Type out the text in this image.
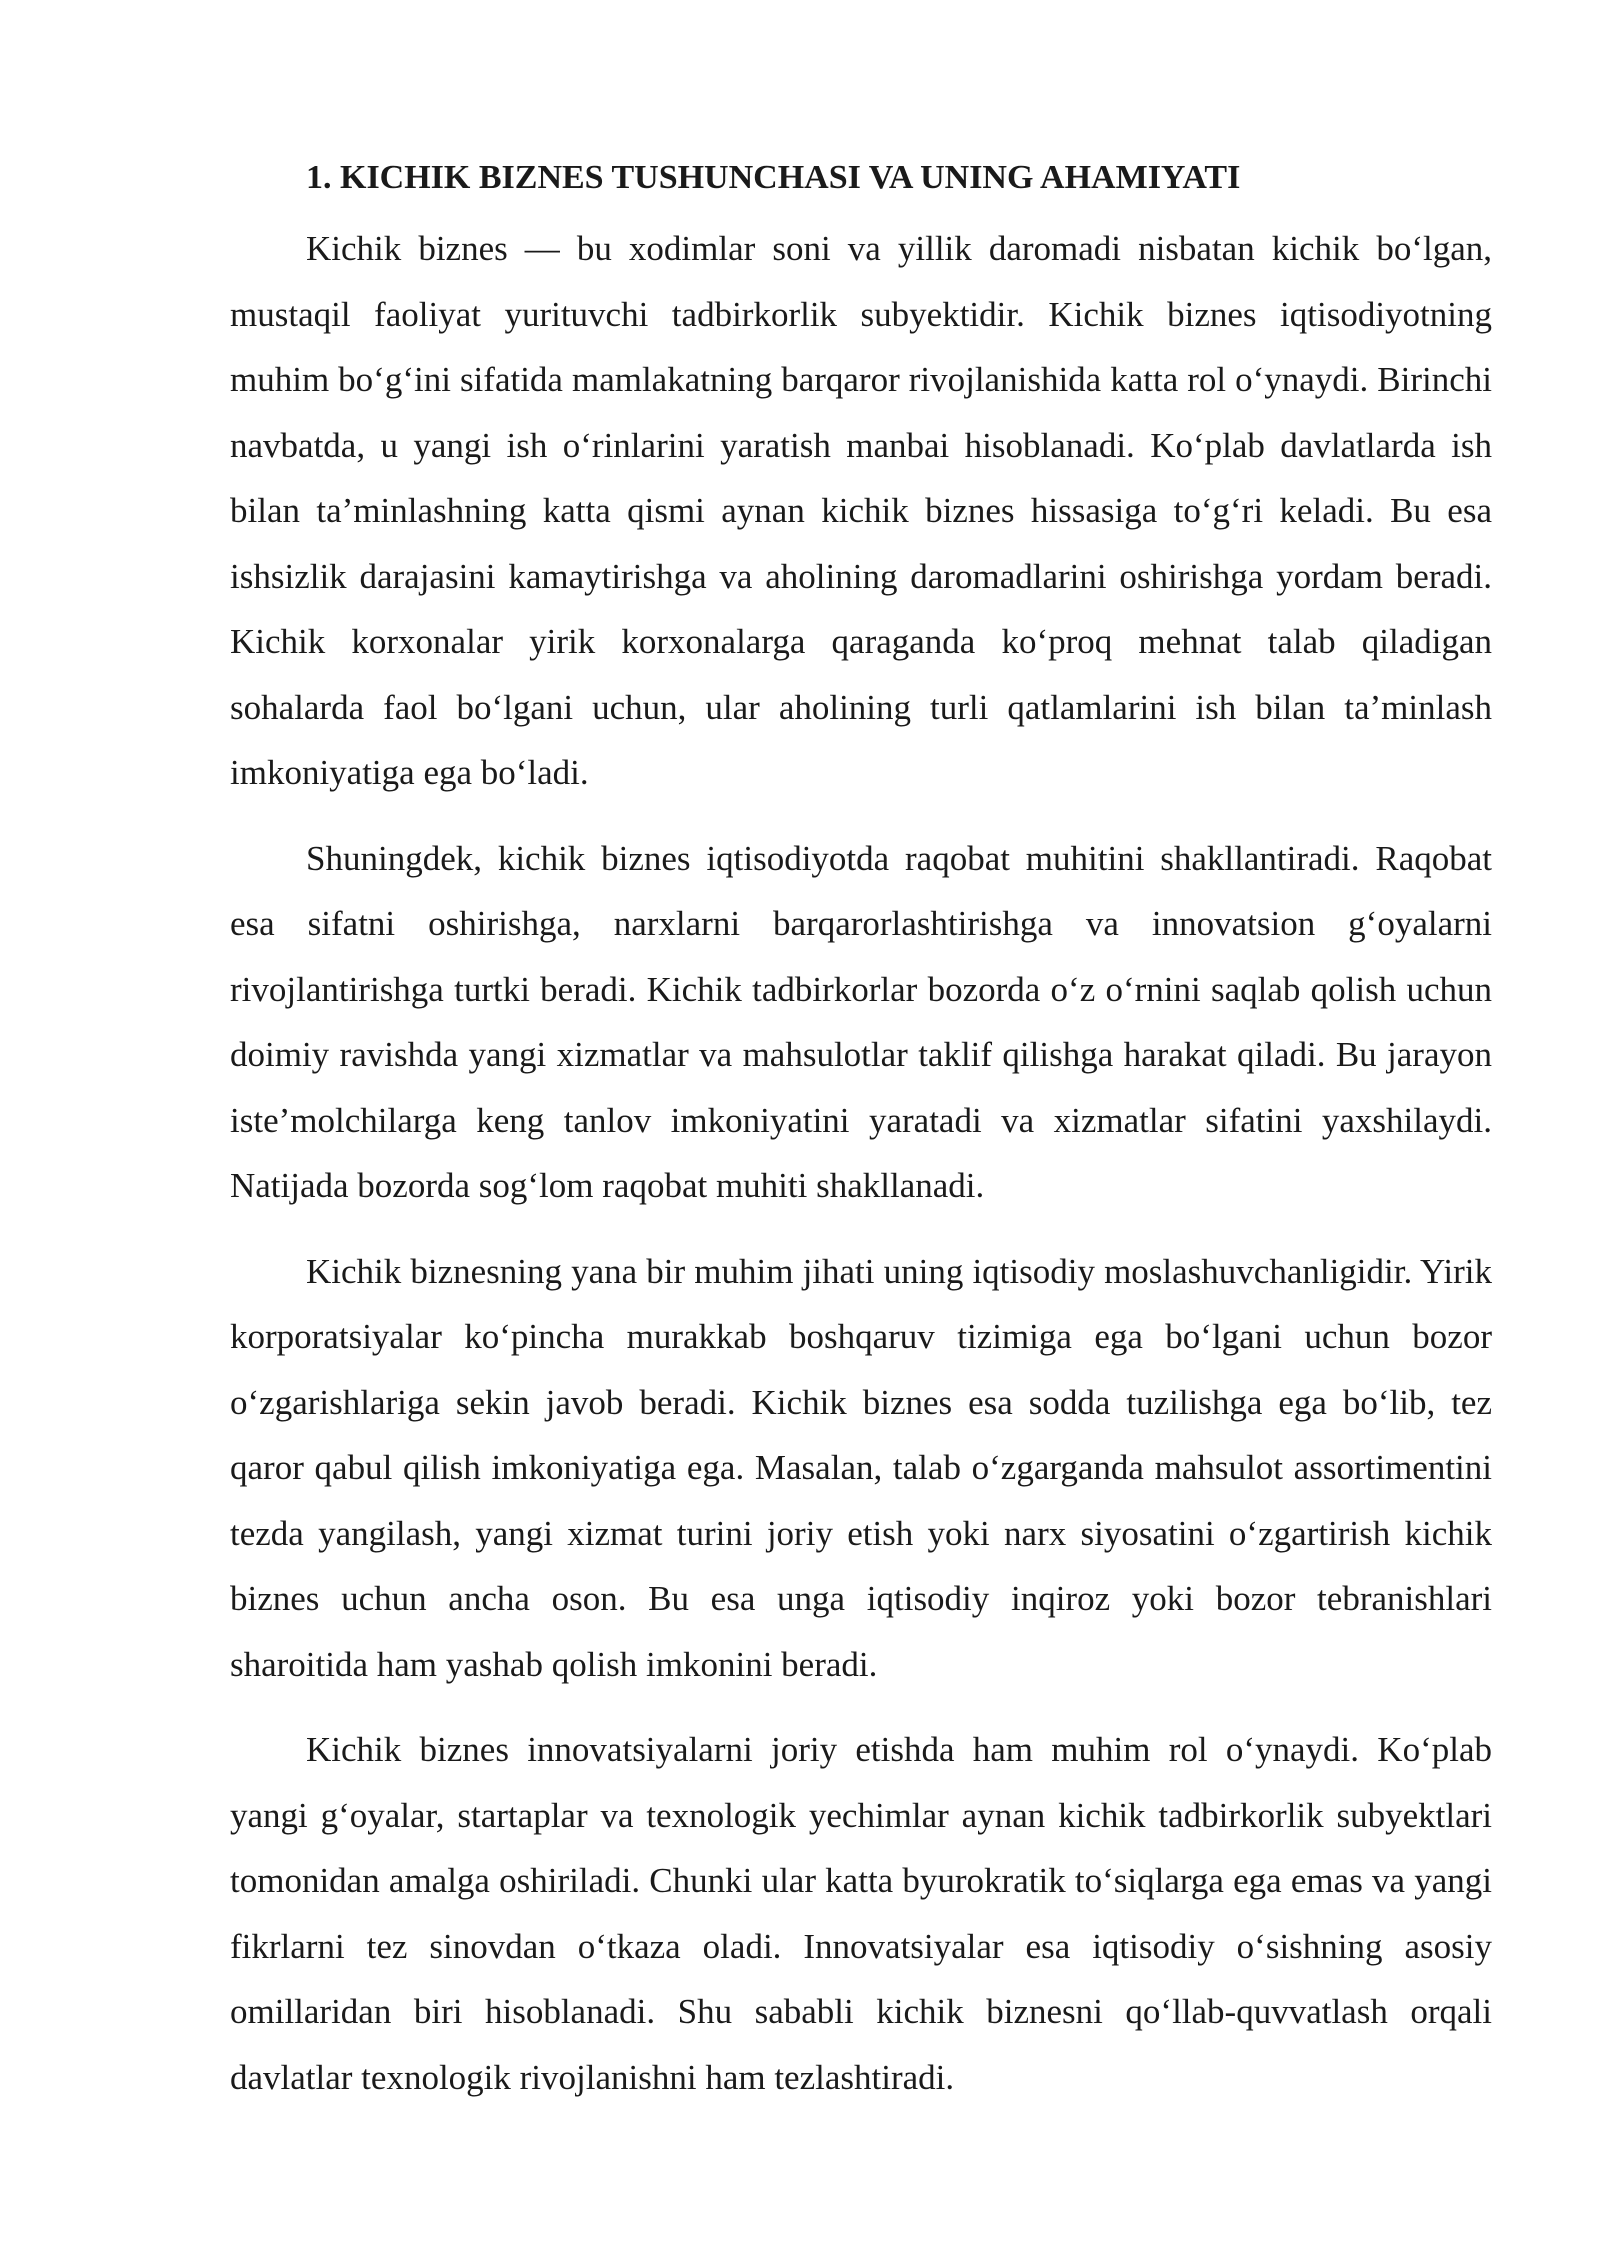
1. KICHIK BIZNES TUSHUNCHASI VA UNING AHAMIYATI

Kichik biznes — bu xodimlar soni va yillik daromadi nisbatan kichik bo‘lgan, mustaqil faoliyat yurituvchi tadbirkorlik subyektidir. Kichik biznes iqtisodiyotning muhim bo‘g‘ini sifatida mamlakatning barqaror rivojlanishida katta rol o‘ynaydi. Birinchi navbatda, u yangi ish o‘rinlarini yaratish manbai hisoblanadi. Ko‘plab davlatlarda ish bilan ta’minlashning katta qismi aynan kichik biznes hissasiga to‘g‘ri keladi. Bu esa ishsizlik darajasini kamaytirishga va aholining daromadlarini oshirishga yordam beradi. Kichik korxonalar yirik korxonalarga qaraganda ko‘proq mehnat talab qiladigan sohalarda faol bo‘lgani uchun, ular aholining turli qatlamlarini ish bilan ta’minlash imkoniyatiga ega bo‘ladi.

Shuningdek, kichik biznes iqtisodiyotda raqobat muhitini shakllantiradi. Raqobat esa sifatni oshirishga, narxlarni barqarorlashtirishga va innovatsion g‘oyalarni rivojlantirishga turtki beradi. Kichik tadbirkorlar bozorda o‘z o‘rnini saqlab qolish uchun doimiy ravishda yangi xizmatlar va mahsulotlar taklif qilishga harakat qiladi. Bu jarayon iste’molchilarga keng tanlov imkoniyatini yaratadi va xizmatlar sifatini yaxshilaydi. Natijada bozorda sog‘lom raqobat muhiti shakllanadi.

Kichik biznesning yana bir muhim jihati uning iqtisodiy moslashuvchanligidir. Yirik korporatsiyalar ko‘pincha murakkab boshqaruv tizimiga ega bo‘lgani uchun bozor o‘zgarishlariga sekin javob beradi. Kichik biznes esa sodda tuzilishga ega bo‘lib, tez qaror qabul qilish imkoniyatiga ega. Masalan, talab o‘zgarganda mahsulot assortimentini tezda yangilash, yangi xizmat turini joriy etish yoki narx siyosatini o‘zgartirish kichik biznes uchun ancha oson. Bu esa unga iqtisodiy inqiroz yoki bozor tebranishlari sharoitida ham yashab qolish imkonini beradi.

Kichik biznes innovatsiyalarni joriy etishda ham muhim rol o‘ynaydi. Ko‘plab yangi g‘oyalar, startaplar va texnologik yechimlar aynan kichik tadbirkorlik subyektlari tomonidan amalga oshiriladi. Chunki ular katta byurokratik to‘siqlarga ega emas va yangi fikrlarni tez sinovdan o‘tkaza oladi. Innovatsiyalar esa iqtisodiy o‘sishning asosiy omillaridan biri hisoblanadi. Shu sababli kichik biznesni qo‘llab-quvvatlash orqali davlatlar texnologik rivojlanishni ham tezlashtiradi.
